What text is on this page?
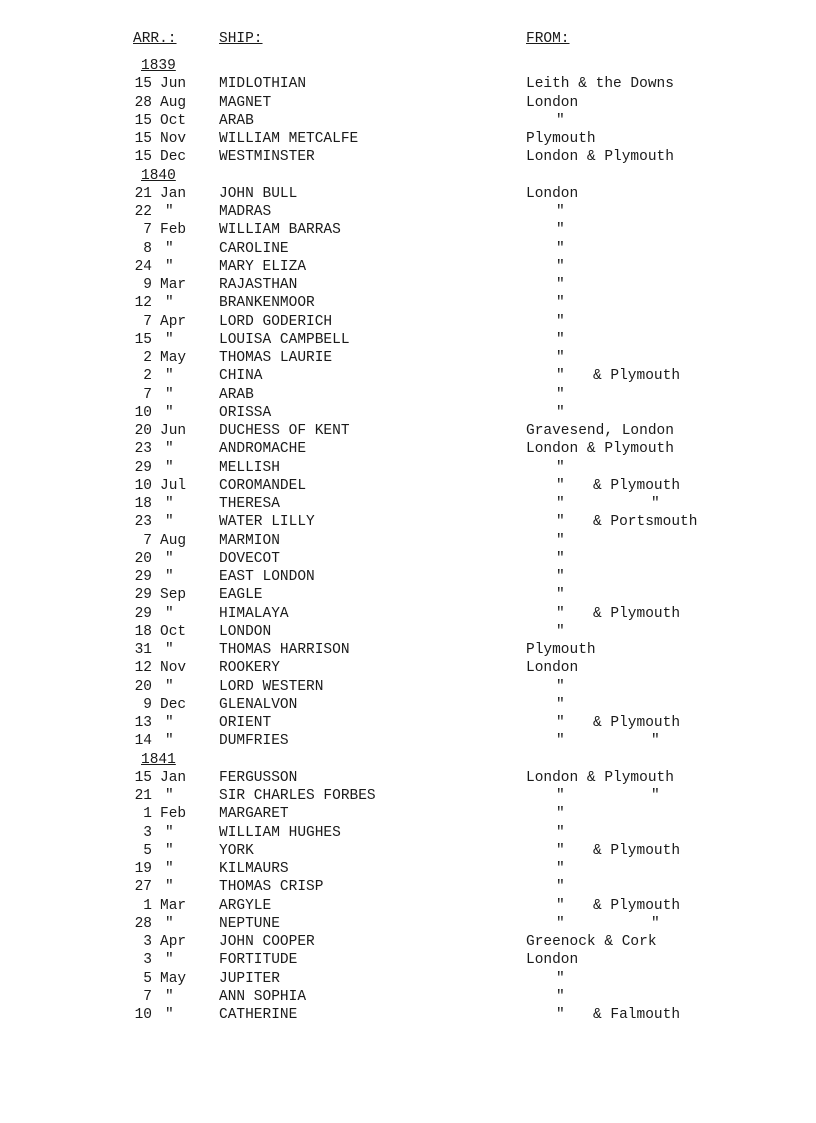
ARR.:	SHIP:	FROM:
1839
15 Jun	MIDLOTHIAN	Leith & the Downs
28 Aug	MAGNET	London
15 Oct	ARAB	"
15 Nov	WILLIAM METCALFE	Plymouth
15 Dec	WESTMINSTER	London & Plymouth
1840
21 Jan	JOHN BULL	London
22 "	MADRAS	"
7 Feb	WILLIAM BARRAS	"
8 "	CAROLINE	"
24 "	MARY ELIZA	"
9 Mar	RAJASTHAN	"
12 "	BRANKENMOOR	"
7 Apr	LORD GODERICH	"
15 "	LOUISA CAMPBELL	"
2 May	THOMAS LAURIE	"
2 "	CHINA	" & Plymouth
7 "	ARAB	"
10 "	ORISSA	"
20 Jun	DUCHESS OF KENT	Gravesend, London
23 "	ANDROMACHE	London & Plymouth
29 "	MELLISH	"
10 Jul	COROMANDEL	" & Plymouth
18 "	THERESA	"	"
23 "	WATER LILLY	" & Portsmouth
7 Aug	MARMION	"
20 "	DOVECOT	"
29 "	EAST LONDON	"
29 Sep	EAGLE	"
29 "	HIMALAYA	" & Plymouth
18 Oct	LONDON	"
31 "	THOMAS HARRISON	Plymouth
12 Nov	ROOKERY	London
20 "	LORD WESTERN	"
9 Dec	GLENALVON	"
13 "	ORIENT	" & Plymouth
14 "	DUMFRIES	"	"
1841
15 Jan	FERGUSSON	London & Plymouth
21 "	SIR CHARLES FORBES	"	"
1 Feb	MARGARET	"
3 "	WILLIAM HUGHES	"
5 "	YORK	" & Plymouth
19 "	KILMAURS	"
27 "	THOMAS CRISP	"
1 Mar	ARGYLE	" & Plymouth
28 "	NEPTUNE	"	"
3 Apr	JOHN COOPER	Greenock & Cork
3 "	FORTITUDE	London
5 May	JUPITER	"
7 "	ANN SOPHIA	"
10 "	CATHERINE	" & Falmouth
